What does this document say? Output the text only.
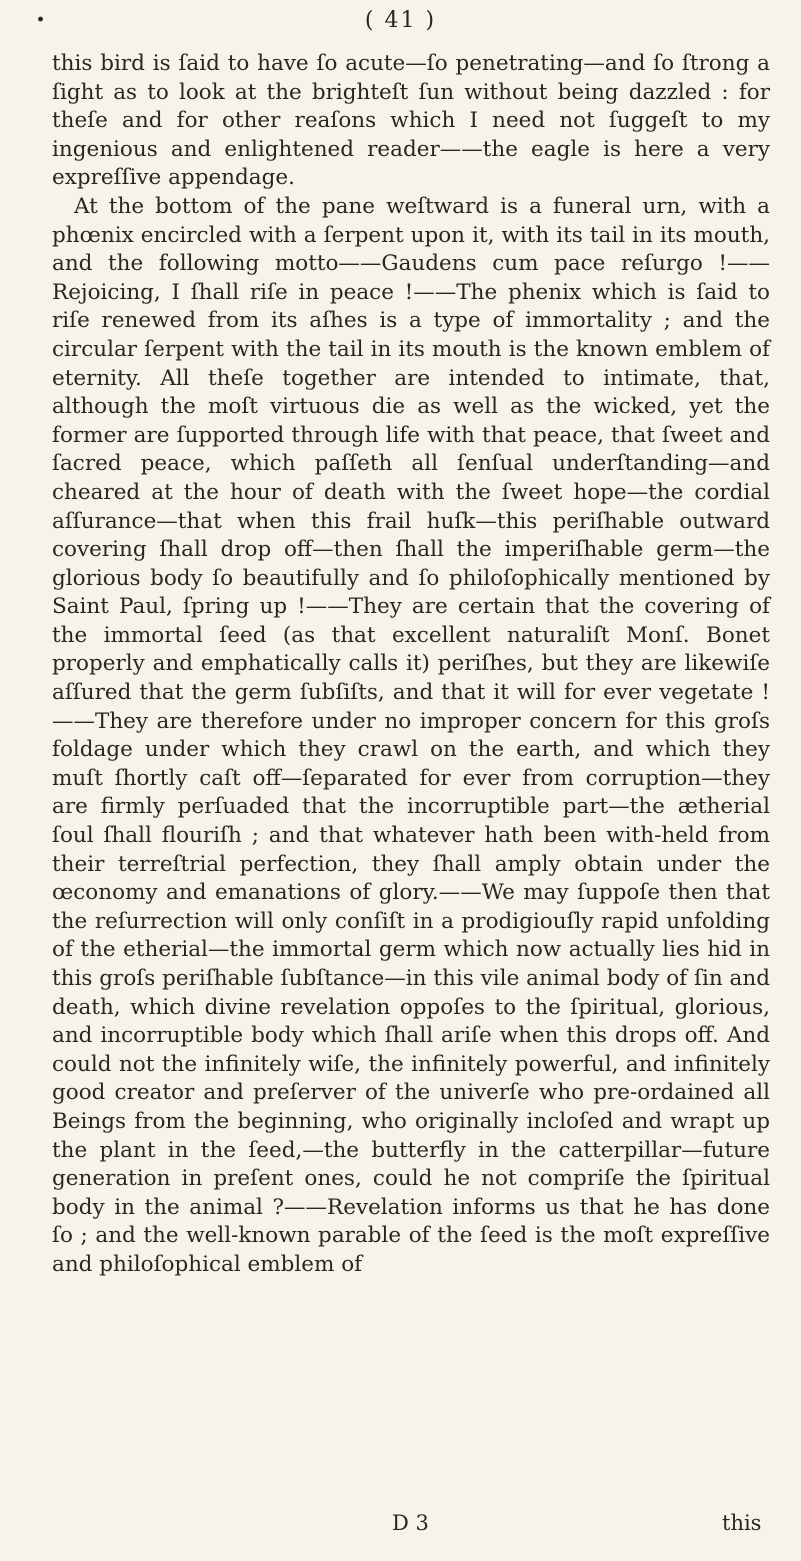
·	( 41 )

this bird is ſaid to have ſo acute—ſo penetrating—and ſo ſtrong a ſight as to look at the brighteſt ſun without being dazzled : for theſe and for other reaſons which I need not ſuggeſt to my ingenious and enlightened reader——the eagle is here a very expreſſive appendage.

At the bottom of the pane weſtward is a funeral urn, with a phœnix encircled with a ſerpent upon it, with its tail in its mouth, and the following motto——Gaudens cum pace reſurgo !——Rejoicing, I ſhall riſe in peace !——The phenix which is ſaid to riſe renewed from its aſhes is a type of immortality ; and the circular ſerpent with the tail in its mouth is the known emblem of eternity. All theſe together are intended to intimate, that, although the moſt virtuous die as well as the wicked, yet the former are ſupported through life with that peace, that ſweet and ſacred peace, which paſſeth all ſenſual underſtanding—and cheared at the hour of death with the ſweet hope—the cordial aſſurance—that when this frail huſk—this periſhable outward covering ſhall drop off—then ſhall the imperiſhable germ—the glorious body ſo beautifully and ſo philoſophically mentioned by Saint Paul, ſpring up !——They are certain that the covering of the immortal ſeed (as that excellent naturaliſt Monſ. Bonet properly and emphatically calls it) periſhes, but they are likewiſe aſſured that the germ ſubſiſts, and that it will for ever vegetate !——They are therefore under no improper concern for this groſs foldage under which they crawl on the earth, and which they muſt ſhortly caſt off—ſeparated for ever from corruption—they are firmly perſuaded that the incorruptible part—the ætherial ſoul ſhall flouriſh ; and that whatever hath been with-held from their terreſtrial perfection, they ſhall amply obtain under the œconomy and emanations of glory.——We may ſuppoſe then that the reſurrection will only conſiſt in a prodigiouſly rapid unfolding of the etherial—the immortal germ which now actually lies hid in this groſs periſhable ſubſtance—in this vile animal body of ſin and death, which divine revelation oppoſes to the ſpiritual, glorious, and incorruptible body which ſhall ariſe when this drops off. And could not the infinitely wiſe, the infinitely powerful, and infinitely good creator and preſerver of the univerſe who pre-ordained all Beings from the beginning, who originally incloſed and wrapt up the plant in the ſeed,—the butterfly in the catterpillar—future generation in preſent ones, could he not compriſe the ſpiritual body in the animal ?——Revelation informs us that he has done ſo ; and the well-known parable of the ſeed is the moſt expreſſive and philoſophical emblem of

D 3	this
